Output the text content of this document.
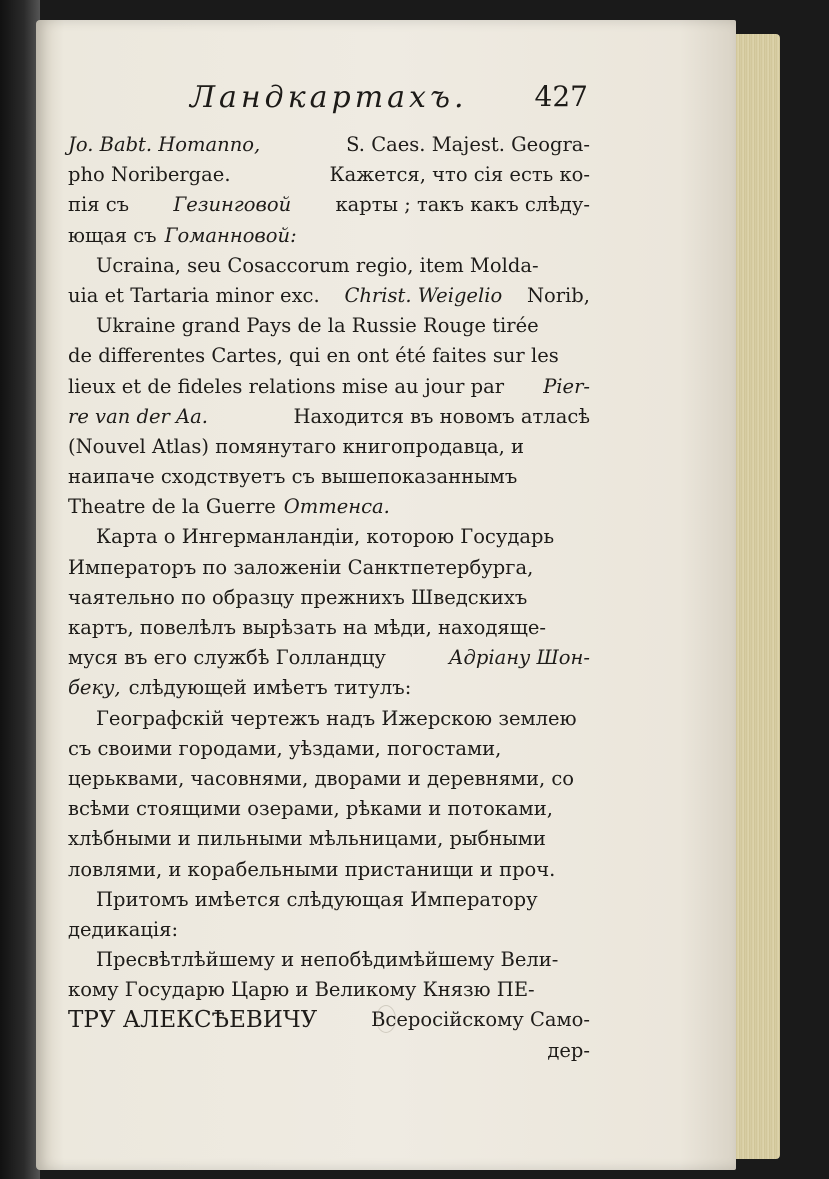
Ландкартахъ. 427
Jo. Babt. Homanno,	S. Caes. Majest. Geogra-
pho Noribergae.	Кажется, что сія есть ко-
пія съ Гезинговой карты ; такъ какъ слѣду-
ющая съ Гоманновой:
Ucraina, seu Cosaccorum regio, item Molda-
uia et Tartaria minor exc. Christ. Weigelio Norib,
Ukraine grand Pays de la Russie Rouge tirée
de differentes Cartes, qui en ont été faites sur les
lieux et de fideles relations mise au jour par Pier-
re van der Aa.	Находится въ новомъ атласѣ
(Nouvel Atlas) помянутаго книгопродавца, и
наипаче сходствуетъ съ вышепоказаннымъ
Theatre de la Guerre Оттенса.
Карта о Ингерманландіи, которою Государь
Императоръ по заложеніи Санктпетербурга,
чаятельно по образцу прежнихъ Шведскихъ
картъ, повелѣлъ вырѣзать на мѣди, находяще-
муся въ его службѣ Голландцу	Адріану Шон-
беку, слѣдующей имѣетъ титулъ:
Географскій чертежъ надъ Ижерскою землею
съ своими городами, уѣздами, погостами,
церьквами, часовнями, дворами и деревнями, со
всѣми стоящими озерами, рѣками и потоками,
хлѣбными и пильными мѣльницами, рыбными
ловлями, и корабельными пристанищи и проч.
Притомъ имѣется слѣдующая Императору
дедикація:
Пресвѣтлѣйшему и непобѣдимѣйшему Вели-
кому Государю Царю и Великому Князю ПЕ-
ТРУ АЛЕКСѢЕВИЧУ	Всеросійскому Само-
дер-
